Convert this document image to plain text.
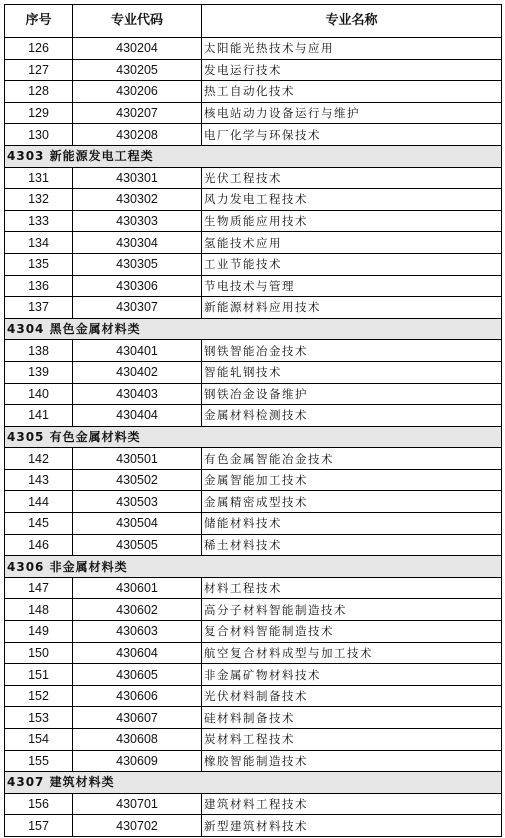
序号	专业代码	专业名称
126	430204	太阳能光热技术与应用
127	430205	发电运行技术
128	430206	热工自动化技术
129	430207	核电站动力设备运行与维护
130	430208	电厂化学与环保技术
4303 新能源发电工程类		
131	430301	光伏工程技术
132	430302	风力发电工程技术
133	430303	生物质能应用技术
134	430304	氢能技术应用
135	430305	工业节能技术
136	430306	节电技术与管理
137	430307	新能源材料应用技术
4304 黑色金属材料类		
138	430401	钢铁智能冶金技术
139	430402	智能轧钢技术
140	430403	钢铁冶金设备维护
141	430404	金属材料检测技术
4305 有色金属材料类		
142	430501	有色金属智能冶金技术
143	430502	金属智能加工技术
144	430503	金属精密成型技术
145	430504	储能材料技术
146	430505	稀土材料技术
4306 非金属材料类		
147	430601	材料工程技术
148	430602	高分子材料智能制造技术
149	430603	复合材料智能制造技术
150	430604	航空复合材料成型与加工技术
151	430605	非金属矿物材料技术
152	430606	光伏材料制备技术
153	430607	硅材料制备技术
154	430608	炭材料工程技术
155	430609	橡胶智能制造技术
4307 建筑材料类		
156	430701	建筑材料工程技术
157	430702	新型建筑材料技术
